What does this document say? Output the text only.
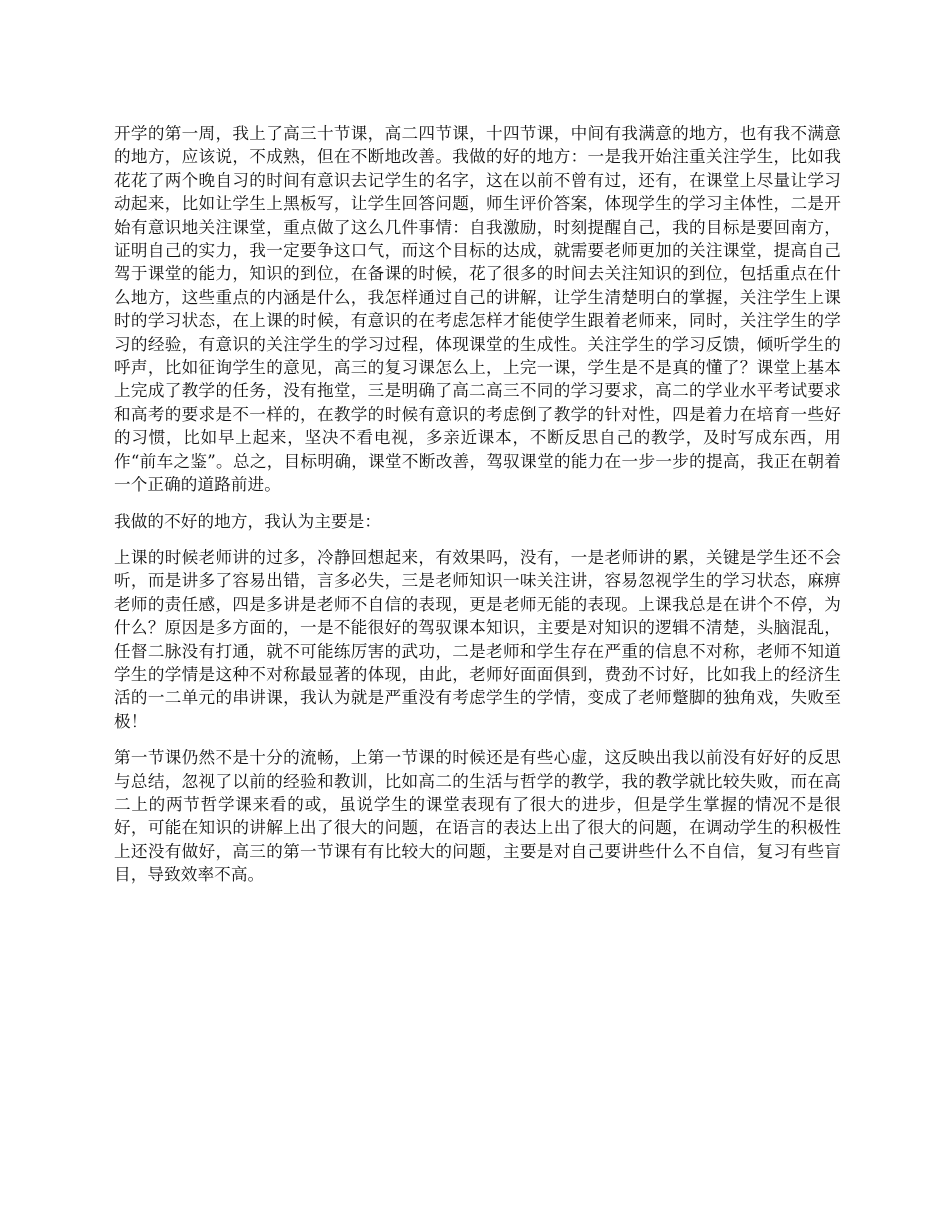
开学的第一周，我上了高三十节课，高二四节课，十四节课，中间有我满意的地方，也有我不满意的地方，应该说，不成熟，但在不断地改善。我做的好的地方：一是我开始注重关注学生，比如我花花了两个晚自习的时间有意识去记学生的名字，这在以前不曾有过，还有，在课堂上尽量让学习动起来，比如让学生上黑板写，让学生回答问题，师生评价答案，体现学生的学习主体性，二是开始有意识地关注课堂，重点做了这么几件事情：自我激励，时刻提醒自己，我的目标是要回南方，证明自己的实力，我一定要争这口气，而这个目标的达成，就需要老师更加的关注课堂，提高自己驾于课堂的能力，知识的到位，在备课的时候，花了很多的时间去关注知识的到位，包括重点在什么地方，这些重点的内涵是什么，我怎样通过自己的讲解，让学生清楚明白的掌握，关注学生上课时的学习状态，在上课的时候，有意识的在考虑怎样才能使学生跟着老师来，同时，关注学生的学习的经验，有意识的关注学生的学习过程，体现课堂的生成性。关注学生的学习反馈，倾听学生的呼声，比如征询学生的意见，高三的复习课怎么上，上完一课，学生是不是真的懂了？课堂上基本上完成了教学的任务，没有拖堂，三是明确了高二高三不同的学习要求，高二的学业水平考试要求和高考的要求是不一样的，在教学的时候有意识的考虑倒了教学的针对性，四是着力在培育一些好的习惯，比如早上起来，坚决不看电视，多亲近课本，不断反思自己的教学，及时写成东西，用作“前车之鉴”。总之，目标明确，课堂不断改善，驾驭课堂的能力在一步一步的提高，我正在朝着一个正确的道路前进。

我做的不好的地方，我认为主要是：

上课的时候老师讲的过多，冷静回想起来，有效果吗，没有，一是老师讲的累，关键是学生还不会听，而是讲多了容易出错，言多必失，三是老师知识一味关注讲，容易忽视学生的学习状态，麻痹老师的责任感，四是多讲是老师不自信的表现，更是老师无能的表现。上课我总是在讲个不停，为什么？原因是多方面的，一是不能很好的驾驭课本知识，主要是对知识的逻辑不清楚，头脑混乱，任督二脉没有打通，就不可能练厉害的武功，二是老师和学生存在严重的信息不对称，老师不知道学生的学情是这种不对称最显著的体现，由此，老师好面面俱到，费劲不讨好，比如我上的经济生活的一二单元的串讲课，我认为就是严重没有考虑学生的学情，变成了老师蹩脚的独角戏，失败至极！

第一节课仍然不是十分的流畅，上第一节课的时候还是有些心虚，这反映出我以前没有好好的反思与总结，忽视了以前的经验和教训，比如高二的生活与哲学的教学，我的教学就比较失败，而在高二上的两节哲学课来看的或，虽说学生的课堂表现有了很大的进步，但是学生掌握的情况不是很好，可能在知识的讲解上出了很大的问题，在语言的表达上出了很大的问题，在调动学生的积极性上还没有做好，高三的第一节课有有比较大的问题，主要是对自己要讲些什么不自信，复习有些盲目，导致效率不高。
